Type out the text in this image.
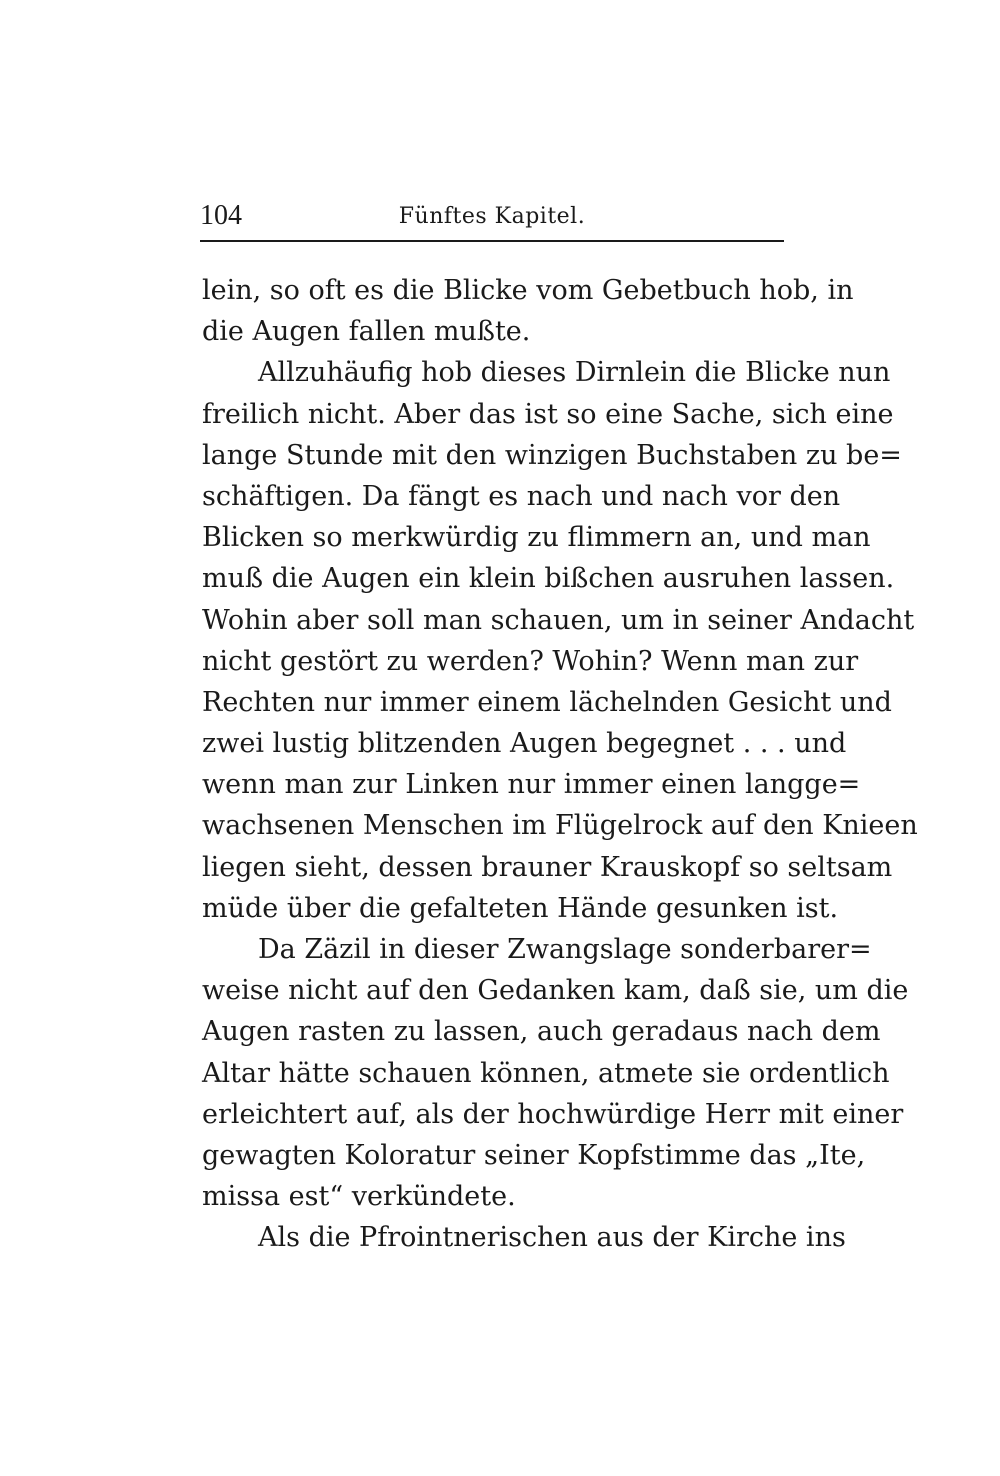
104	Fünftes Kapitel.
lein, so oft es die Blicke vom Gebetbuch hob, in
die Augen fallen mußte.
Allzuhäufig hob dieses Dirnlein die Blicke nun
freilich nicht. Aber das ist so eine Sache, sich eine
lange Stunde mit den winzigen Buchstaben zu be=
schäftigen. Da fängt es nach und nach vor den
Blicken so merkwürdig zu flimmern an, und man
muß die Augen ein klein bißchen ausruhen lassen.
Wohin aber soll man schauen, um in seiner Andacht
nicht gestört zu werden? Wohin? Wenn man zur
Rechten nur immer einem lächelnden Gesicht und
zwei lustig blitzenden Augen begegnet . . . und
wenn man zur Linken nur immer einen langge=
wachsenen Menschen im Flügelrock auf den Knieen
liegen sieht, dessen brauner Krauskopf so seltsam
müde über die gefalteten Hände gesunken ist.
Da Zäzil in dieser Zwangslage sonderbarer=
weise nicht auf den Gedanken kam, daß sie, um die
Augen rasten zu lassen, auch geradaus nach dem
Altar hätte schauen können, atmete sie ordentlich
erleichtert auf, als der hochwürdige Herr mit einer
gewagten Koloratur seiner Kopfstimme das „Ite,
missa est“ verkündete.
Als die Pfrointnerischen aus der Kirche ins
